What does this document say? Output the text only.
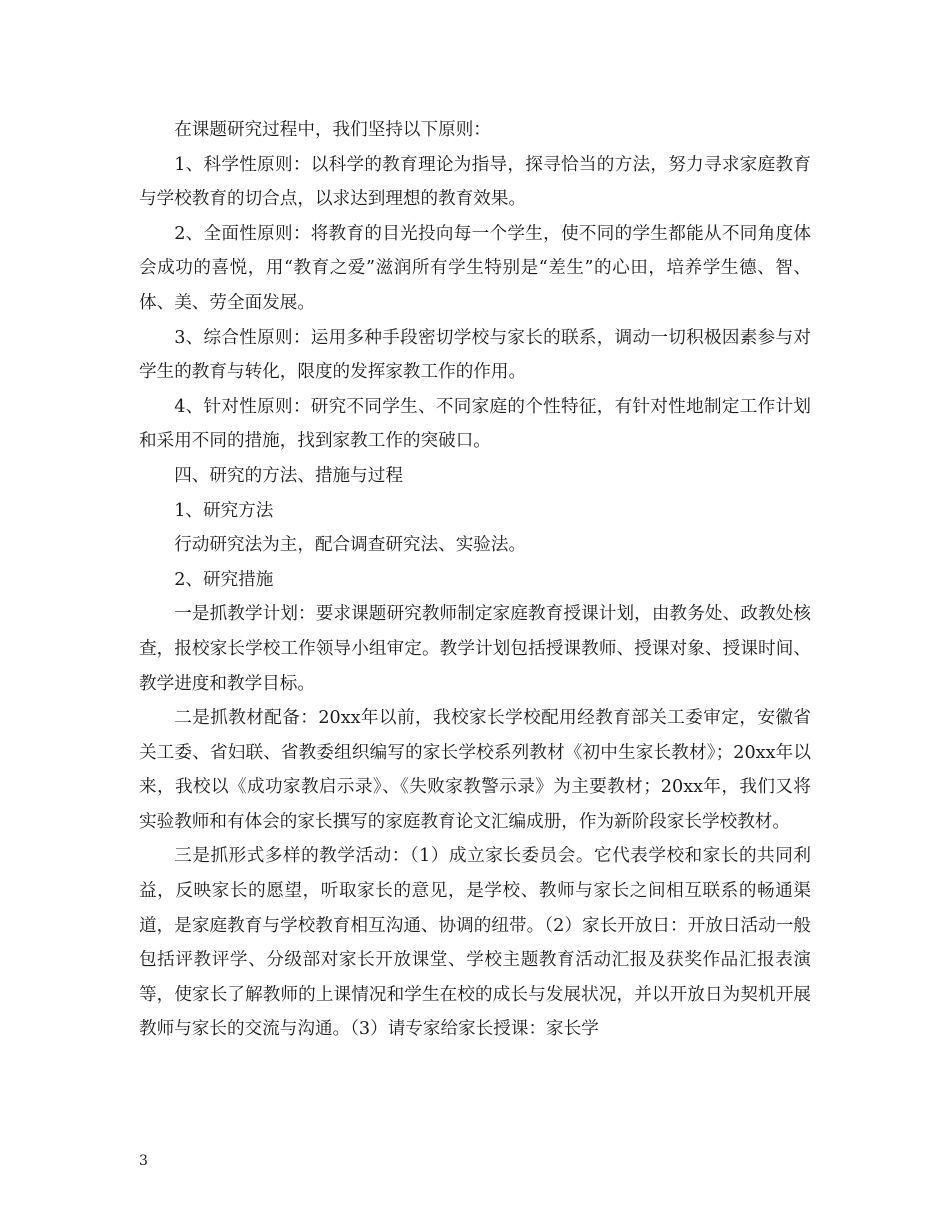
在课题研究过程中，我们坚持以下原则：

1、科学性原则：以科学的教育理论为指导，探寻恰当的方法，努力寻求家庭教育与学校教育的切合点，以求达到理想的教育效果。

2、全面性原则：将教育的目光投向每一个学生，使不同的学生都能从不同角度体会成功的喜悦，用“教育之爱”滋润所有学生特别是“差生”的心田，培养学生德、智、体、美、劳全面发展。

3、综合性原则：运用多种手段密切学校与家长的联系，调动一切积极因素参与对学生的教育与转化，限度的发挥家教工作的作用。

4、针对性原则：研究不同学生、不同家庭的个性特征，有针对性地制定工作计划和采用不同的措施，找到家教工作的突破口。

四、研究的方法、措施与过程

1、研究方法

行动研究法为主，配合调查研究法、实验法。

2、研究措施

一是抓教学计划：要求课题研究教师制定家庭教育授课计划，由教务处、政教处核查，报校家长学校工作领导小组审定。教学计划包括授课教师、授课对象、授课时间、教学进度和教学目标。

二是抓教材配备：20xx年以前，我校家长学校配用经教育部关工委审定，安徽省关工委、省妇联、省教委组织编写的家长学校系列教材《初中生家长教材》；20xx年以来，我校以《成功家教启示录》、《失败家教警示录》为主要教材；20xx年，我们又将实验教师和有体会的家长撰写的家庭教育论文汇编成册，作为新阶段家长学校教材。

三是抓形式多样的教学活动：（1）成立家长委员会。它代表学校和家长的共同利益，反映家长的愿望，听取家长的意见，是学校、教师与家长之间相互联系的畅通渠道，是家庭教育与学校教育相互沟通、协调的纽带。（2）家长开放日：开放日活动一般包括评教评学、分级部对家长开放课堂、学校主题教育活动汇报及获奖作品汇报表演等，使家长了解教师的上课情况和学生在校的成长与发展状况，并以开放日为契机开展教师与家长的交流与沟通。（3）请专家给家长授课：家长学

3
